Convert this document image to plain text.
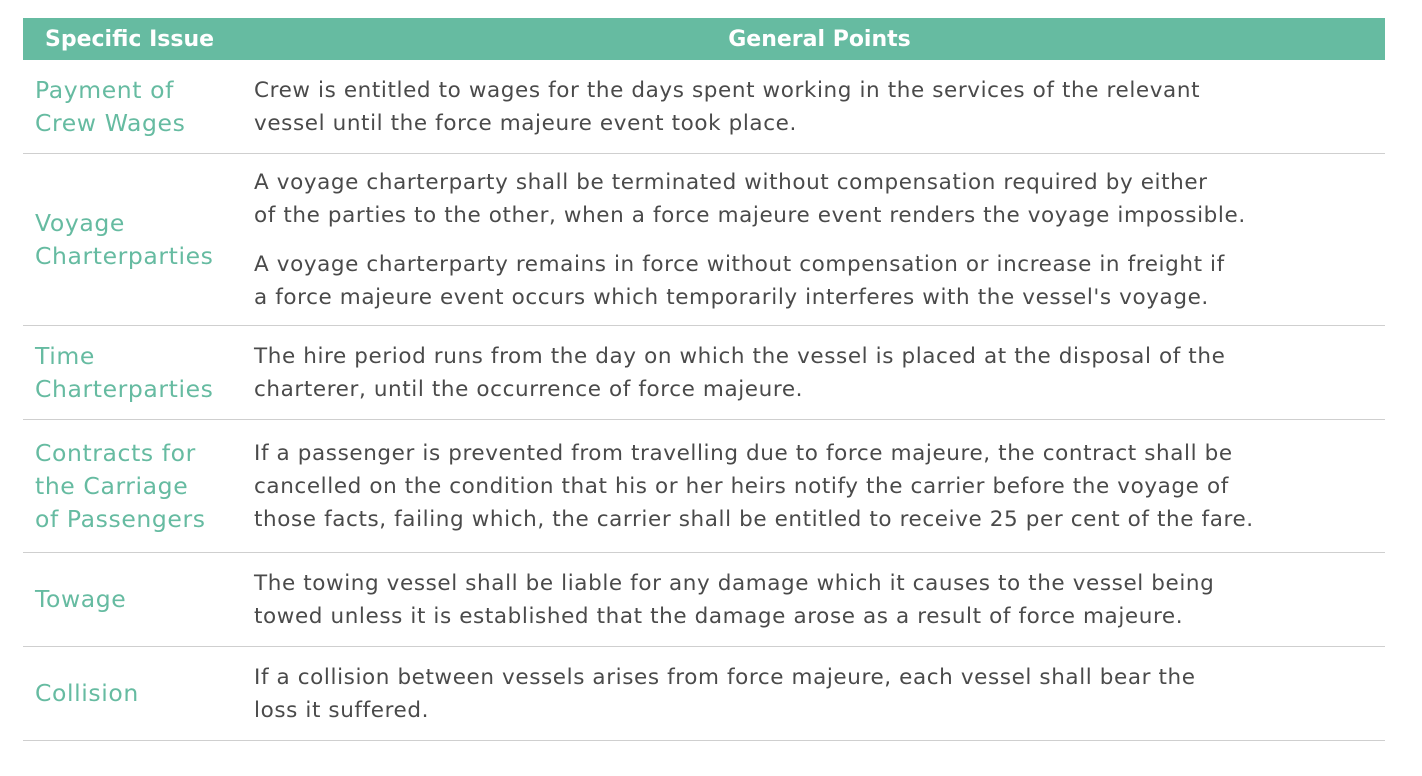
Specific Issue	General Points
Payment of
Crew Wages

Crew is entitled to wages for the days spent working in the services of the relevant
vessel until the force majeure event took place.

Voyage
Charterparties

A voyage charterparty shall be terminated without compensation required by either
of the parties to the other, when a force majeure event renders the voyage impossible.

A voyage charterparty remains in force without compensation or increase in freight if
a force majeure event occurs which temporarily interferes with the vessel's voyage.

Time
Charterparties

The hire period runs from the day on which the vessel is placed at the disposal of the
charterer, until the occurrence of force majeure.

Contracts for
the Carriage
of Passengers

If a passenger is prevented from travelling due to force majeure, the contract shall be
cancelled on the condition that his or her heirs notify the carrier before the voyage of
those facts, failing which, the carrier shall be entitled to receive 25 per cent of the fare.

Towage

The towing vessel shall be liable for any damage which it causes to the vessel being
towed unless it is established that the damage arose as a result of force majeure.

Collision

If a collision between vessels arises from force majeure, each vessel shall bear the
loss it suffered.
